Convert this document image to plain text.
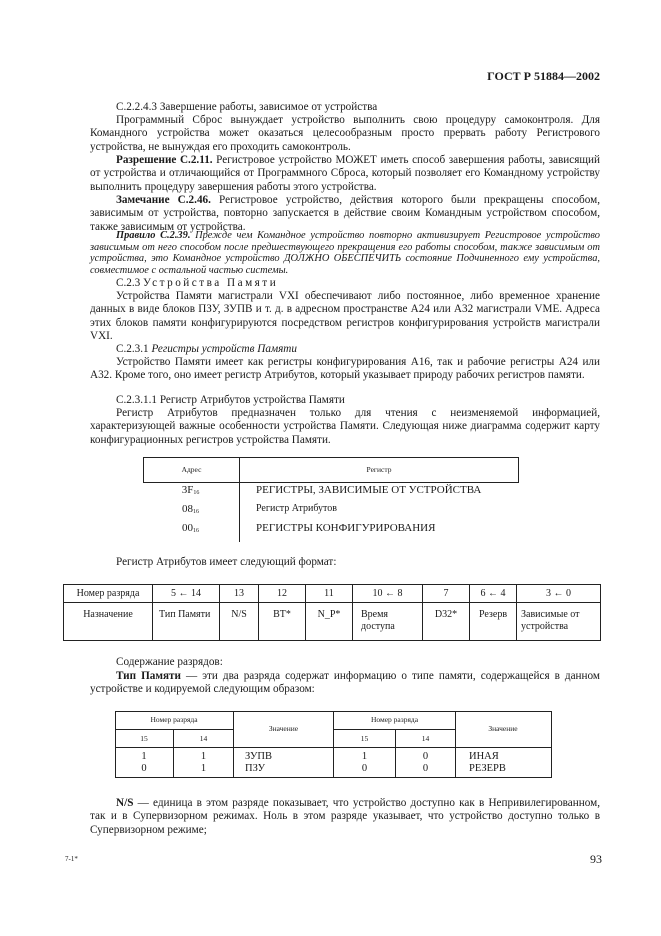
ГОСТ Р 51884—2002
С.2.2.4.3 Завершение работы, зависимое от устройства
Программный Сброс вынуждает устройство выполнить свою процедуру самоконтроля. Для Командного устройства может оказаться целесообразным просто прервать работу Регистрового устройства, не вынуждая его проходить самоконтроль.
Разрешение С.2.11. Регистровое устройство МОЖЕТ иметь способ завершения работы, зависящий от устройства и отличающийся от Программного Сброса, который позволяет его Командному устройству выполнить процедуру завершения работы этого устройства.
Замечание С.2.46. Регистровое устройство, действия которого были прекращены способом, зависимым от устройства, повторно запускается в действие своим Командным устройством способом, также зависимым от устройства.
Правило С.2.39. Прежде чем Командное устройство повторно активизирует Регистровое устройство зависимым от него способом после предшествующего прекращения его работы способом, также зависимым от устройства, это Командное устройство ДОЛЖНО ОБЕСПЕЧИТЬ состояние Подчиненного ему устройства, совместимое с остальной частью системы.
С.2.3 Устройства Памяти
Устройства Памяти магистрали VXI обеспечивают либо постоянное, либо временное хранение данных в виде блоков ПЗУ, ЗУПВ и т. д. в адресном пространстве А24 или А32 магистрали VME. Адреса этих блоков памяти конфигурируются посредством регистров конфигурирования устройств магистрали VXI.
С.2.3.1 Регистры устройств Памяти
Устройство Памяти имеет как регистры конфигурирования А16, так и рабочие регистры А24 или А32. Кроме того, оно имеет регистр Атрибутов, который указывает природу рабочих регистров памяти.
С.2.3.1.1 Регистр Атрибутов устройства Памяти
Регистр Атрибутов предназначен только для чтения с неизменяемой информацией, характеризующей важные особенности устройства Памяти. Следующая ниже диаграмма содержит карту конфигурационных регистров устройства Памяти.
Адрес	Регистр
$3F_{16}$	РЕГИСТРЫ, ЗАВИСИМЫЕ ОТ УСТРОЙСТВА
$08_{16}$	Регистр Атрибутов
$00_{16}$	РЕГИСТРЫ КОНФИГУРИРОВАНИЯ
Регистр Атрибутов имеет следующий формат:
Номер разряда	5 ← 14	13	12	11	10 ← 8	7	6 ← 4	3 ← 0
Назначение	Тип Памяти	N/S	BT*	N_P*	Время доступа	D32*	Резерв	Зависимые от устройства
Содержание разрядов:
Тип Памяти — эти два разряда содержат информацию о типе памяти, содержащейся в данном устройстве и кодируемой следующим образом:
Номер разряда
Значение
Номер разряда
Значение
15	14	15	14
1	1	ЗУПВ	1	0	ИНАЯ
0	1	ПЗУ	0	0	РЕЗЕРВ
N/S — единица в этом разряде показывает, что устройство доступно как в Непривилегированном, так и в Супервизорном режимах. Ноль в этом разряде указывает, что устройство доступно только в Супервизорном режиме;
7-1*	93
